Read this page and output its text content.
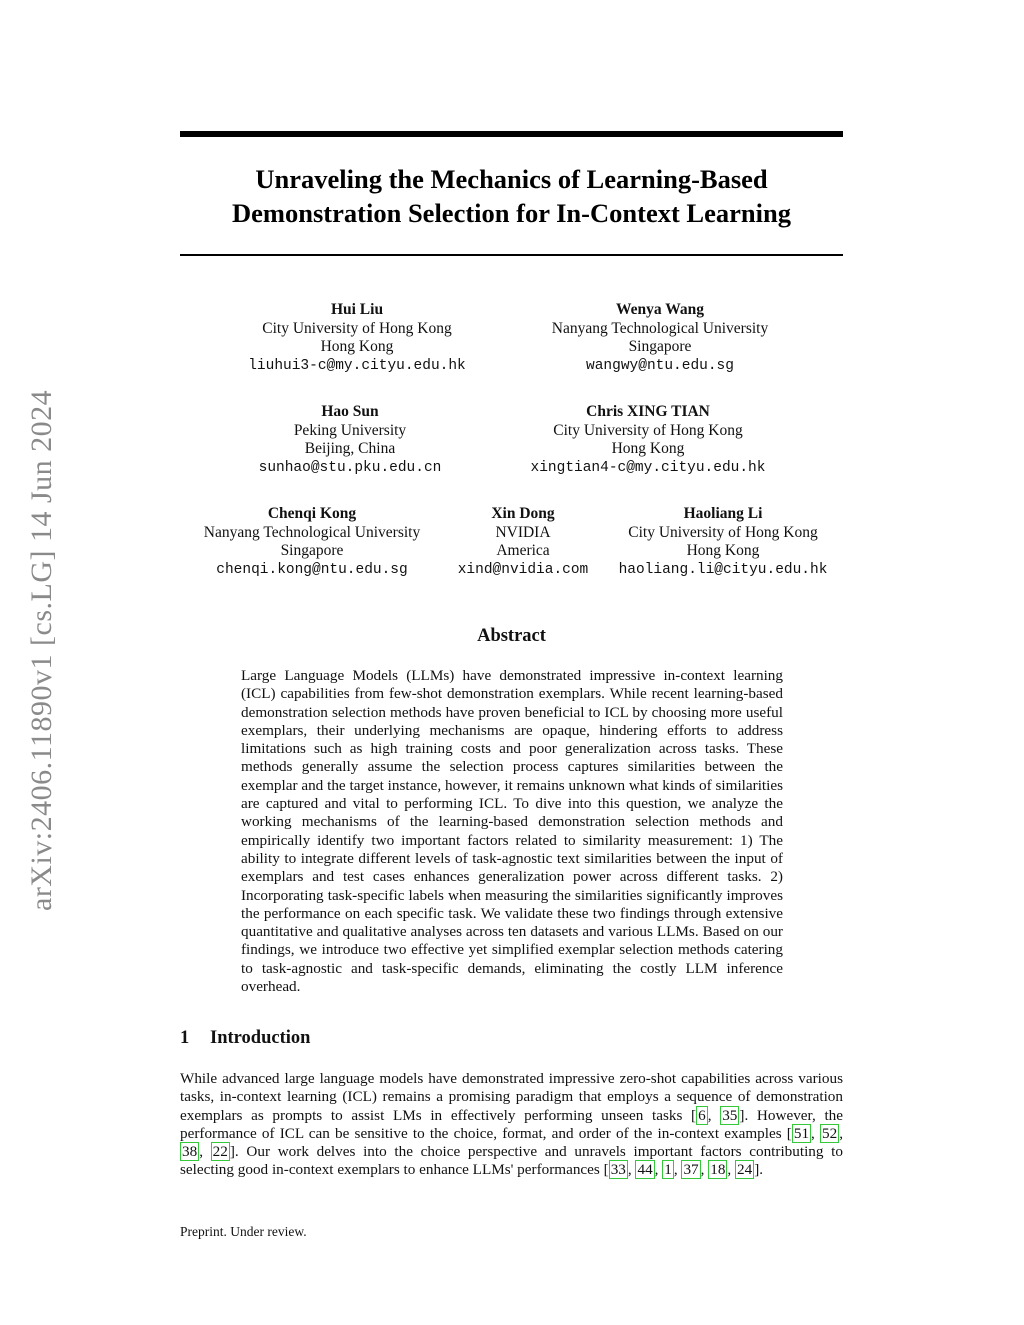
arXiv:2406.11890v1 [cs.LG] 14 Jun 2024
Unraveling the Mechanics of Learning-Based
Demonstration Selection for In-Context Learning
Hui Liu
City University of Hong Kong
Hong Kong
liuhui3-c@my.cityu.edu.hk
Wenya Wang
Nanyang Technological University
Singapore
wangwy@ntu.edu.sg
Hao Sun
Peking University
Beijing, China
sunhao@stu.pku.edu.cn
Chris XING TIAN
City University of Hong Kong
Hong Kong
xingtian4-c@my.cityu.edu.hk
Chenqi Kong
Nanyang Technological University
Singapore
chenqi.kong@ntu.edu.sg
Xin Dong
NVIDIA
America
xind@nvidia.com
Haoliang Li
City University of Hong Kong
Hong Kong
haoliang.li@cityu.edu.hk
Abstract
Large Language Models (LLMs) have demonstrated impressive in-context learning (ICL) capabilities from few-shot demonstration exemplars. While recent learning-based demonstration selection methods have proven beneficial to ICL by choosing more useful exemplars, their underlying mechanisms are opaque, hindering efforts to address limitations such as high training costs and poor generalization across tasks. These methods generally assume the selection process captures similarities between the exemplar and the target instance, however, it remains unknown what kinds of similarities are captured and vital to performing ICL. To dive into this question, we analyze the working mechanisms of the learning-based demonstration selection methods and empirically identify two important factors related to similarity measurement: 1) The ability to integrate different levels of task-agnostic text similarities between the input of exemplars and test cases enhances generalization power across different tasks. 2) Incorporating task-specific labels when measuring the similarities significantly improves the performance on each specific task. We validate these two findings through extensive quantitative and qualitative analyses across ten datasets and various LLMs. Based on our findings, we introduce two effective yet simplified exemplar selection methods catering to task-agnostic and task-specific demands, eliminating the costly LLM inference overhead.
1 Introduction
While advanced large language models have demonstrated impressive zero-shot capabilities across various tasks, in-context learning (ICL) remains a promising paradigm that employs a sequence of demonstration exemplars as prompts to assist LMs in effectively performing unseen tasks [ 6 , 35 ]. However, the performance of ICL can be sensitive to the choice, format, and order of the in-context examples [ 51 , 52 , 38 , 22 ]. Our work delves into the choice perspective and unravels important factors contributing to selecting good in-context exemplars to enhance LLMs' performances [ 33 , 44 , 1 , 37 , 18 , 24 ].
Preprint. Under review.
